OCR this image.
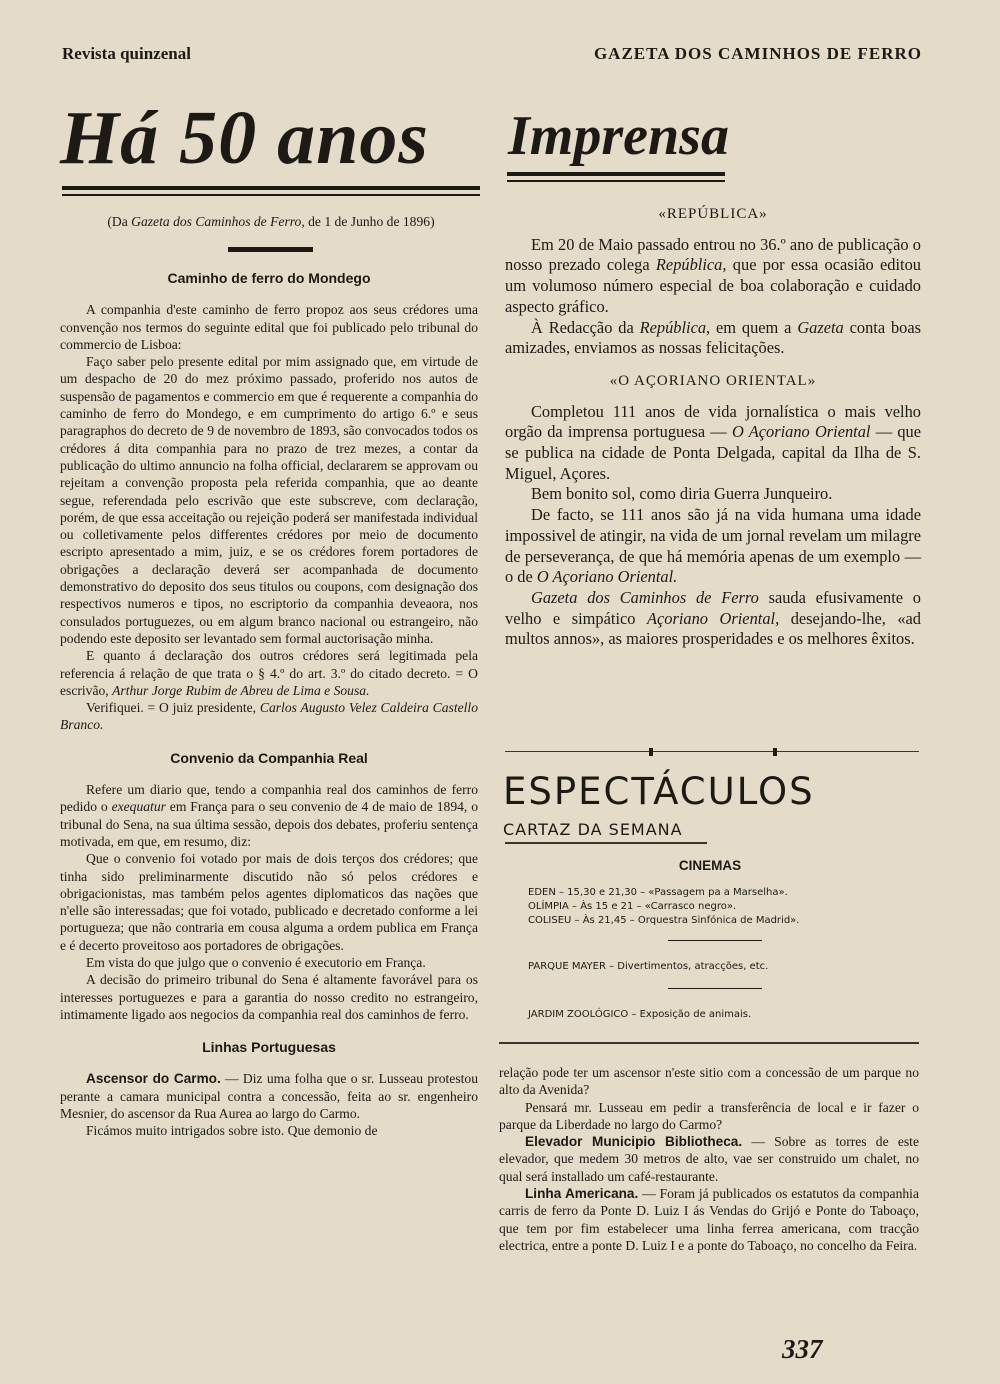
Revista quinzenal	GAZETA DOS CAMINHOS DE FERRO
Há 50 anos
(Da Gazeta dos Caminhos de Ferro, de 1 de Junho de 1896)

Caminho de ferro do Mondego

A companhia d'este caminho de ferro propoz aos seus crédores uma convenção nos termos do seguinte edital que foi publicado pelo tribunal do commercio de Lisboa:

Faço saber pelo presente edital por mim assignado que, em virtude de um despacho de 20 do mez próximo passado, proferido nos autos de suspensão de pagamentos e commercio em que é requerente a companhia do caminho de ferro do Mondego, e em cumprimento do artigo 6.º e seus paragraphos do decreto de 9 de novembro de 1893, são convocados todos os crédores á dita companhia para no prazo de trez mezes, a contar da publicação do ultimo annuncio na folha official, declararem se approvam ou rejeitam a convenção proposta pela referida companhia, que ao deante segue, referendada pelo escrivão que este subscreve, com declaração, porém, de que essa acceitação ou rejeição poderá ser manifestada individual ou colletivamente pelos differentes crédores por meio de documento escripto apresentado a mim, juiz, e se os crédores forem portadores de obrigações a declaração deverá ser acompanhada de documento demonstrativo do deposito dos seus titulos ou coupons, com designação dos respectivos numeros e tipos, no escriptorio da companhia deveaora, nos consulados portuguezes, ou em algum branco nacional ou estrangeiro, não podendo este deposito ser levantado sem formal auctorisação minha.

E quanto á declaração dos outros crédores será legitimada pela referencia á relação de que trata o § 4.º do art. 3.º do citado decreto. = O escrivão, Arthur Jorge Rubim de Abreu de Lima e Sousa.

Verifiquei. = O juiz presidente, Carlos Augusto Velez Caldeira Castello Branco.

Convenio da Companhia Real

Refere um diario que, tendo a companhia real dos caminhos de ferro pedido o exequatur em França para o seu convenio de 4 de maio de 1894, o tribunal do Sena, na sua última sessão, depois dos debates, proferiu sentença motivada, em que, em resumo, diz:

Que o convenio foi votado por mais de dois terços dos crédores; que tinha sido preliminarmente discutido não só pelos crédores e obrigacionistas, mas também pelos agentes diplomaticos das nações que n'elle são interessadas; que foi votado, publicado e decretado conforme a lei portugueza; que não contraria em cousa alguma a ordem publica em França e é decerto proveitoso aos portadores de obrigações.

Em vista do que julgo que o convenio é executorio em França.

A decisão do primeiro tribunal do Sena é altamente favorável para os interesses portuguezes e para a garantia do nosso credito no estrangeiro, intimamente ligado aos negocios da companhia real dos caminhos de ferro.

Linhas Portuguesas

Ascensor do Carmo. — Diz uma folha que o sr. Lusseau protestou perante a camara municipal contra a concessão, feita ao sr. engenheiro Mesnier, do ascensor da Rua Aurea ao largo do Carmo.

Ficámos muito intrigados sobre isto. Que demonio de

Imprensa

«REPÚBLICA»

Em 20 de Maio passado entrou no 36.º ano de publicação o nosso prezado colega República, que por essa ocasião editou um volumoso número especial de boa colaboração e cuidado aspecto gráfico.

À Redacção da República, em quem a Gazeta conta boas amizades, enviamos as nossas felicitações.

«O AÇORIANO ORIENTAL»

Completou 111 anos de vida jornalística o mais velho orgão da imprensa portuguesa — O Açoriano Oriental — que se publica na cidade de Ponta Delgada, capital da Ilha de S. Miguel, Açores.

Bem bonito sol, como diria Guerra Junqueiro.

De facto, se 111 anos são já na vida humana uma idade impossivel de atingir, na vida de um jornal revelam um milagre de perseverança, de que há memória apenas de um exemplo — o de O Açoriano Oriental.

Gazeta dos Caminhos de Ferro sauda efusivamente o velho e simpático Açoriano Oriental, desejando-lhe, «ad multos annos», as maiores prosperidades e os melhores êxitos.

ESPECTÁCULOS
CARTAZ DA SEMANA
CINEMAS
EDEN – 15,30 e 21,30 – «Passagem pa a Marselha».
OLÍMPIA – Às 15 e 21 – «Carrasco negro».
COLISEU – Às 21,45 – Orquestra Sinfónica de Madrid».
PARQUE MAYER – Divertimentos, atracções, etc.
JARDIM ZOOLÓGICO – Exposição de animais.

relação pode ter um ascensor n'este sitio com a concessão de um parque no alto da Avenida?

Pensará mr. Lusseau em pedir a transferência de local e ir fazer o parque da Liberdade no largo do Carmo?

Elevador Municipio Bibliotheca. — Sobre as torres de este elevador, que medem 30 metros de alto, vae ser construido um chalet, no qual será installado um café-restaurante.

Linha Americana. — Foram já publicados os estatutos da companhia carris de ferro da Ponte D. Luiz I ás Vendas do Grijó e Ponte do Taboaço, que tem por fim estabelecer uma linha ferrea americana, com tracção electrica, entre a ponte D. Luiz I e a ponte do Taboaço, no concelho da Feira.

337
